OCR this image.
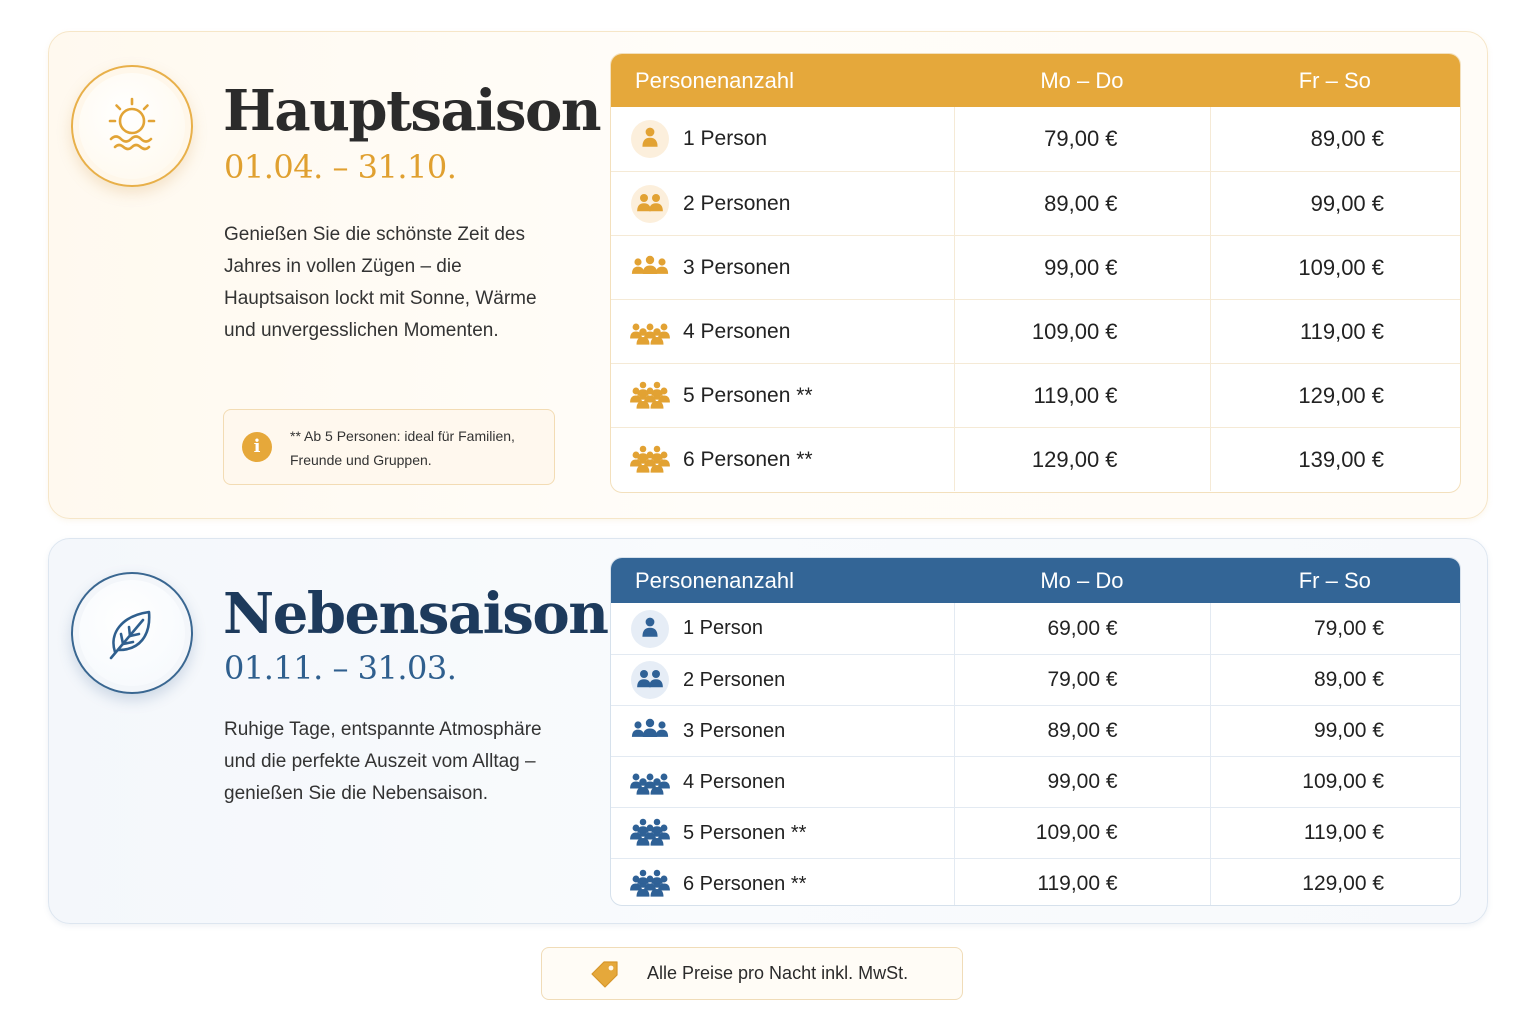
Hauptsaison
01.04. – 31.10.
Genießen Sie die schönste Zeit des Jahres in vollen Zügen – die Hauptsaison lockt mit Sonne, Wärme und unvergesslichen Momenten.
i	** Ab 5 Personen: ideal für Familien, Freunde und Gruppen.
Personenanzahl	Mo – Do	Fr – So
1 Person	79,00 €	89,00 €
2 Personen	89,00 €	99,00 €
3 Personen	99,00 €	109,00 €
4 Personen	109,00 €	119,00 €
5 Personen **	119,00 €	129,00 €
6 Personen **	129,00 €	139,00 €
Nebensaison
01.11. – 31.03.
Ruhige Tage, entspannte Atmosphäre und die perfekte Auszeit vom Alltag – genießen Sie die Nebensaison.
Personenanzahl	Mo – Do	Fr – So
1 Person	69,00 €	79,00 €
2 Personen	79,00 €	89,00 €
3 Personen	89,00 €	99,00 €
4 Personen	99,00 €	109,00 €
5 Personen **	109,00 €	119,00 €
6 Personen **	119,00 €	129,00 €
Alle Preise pro Nacht inkl. MwSt.
